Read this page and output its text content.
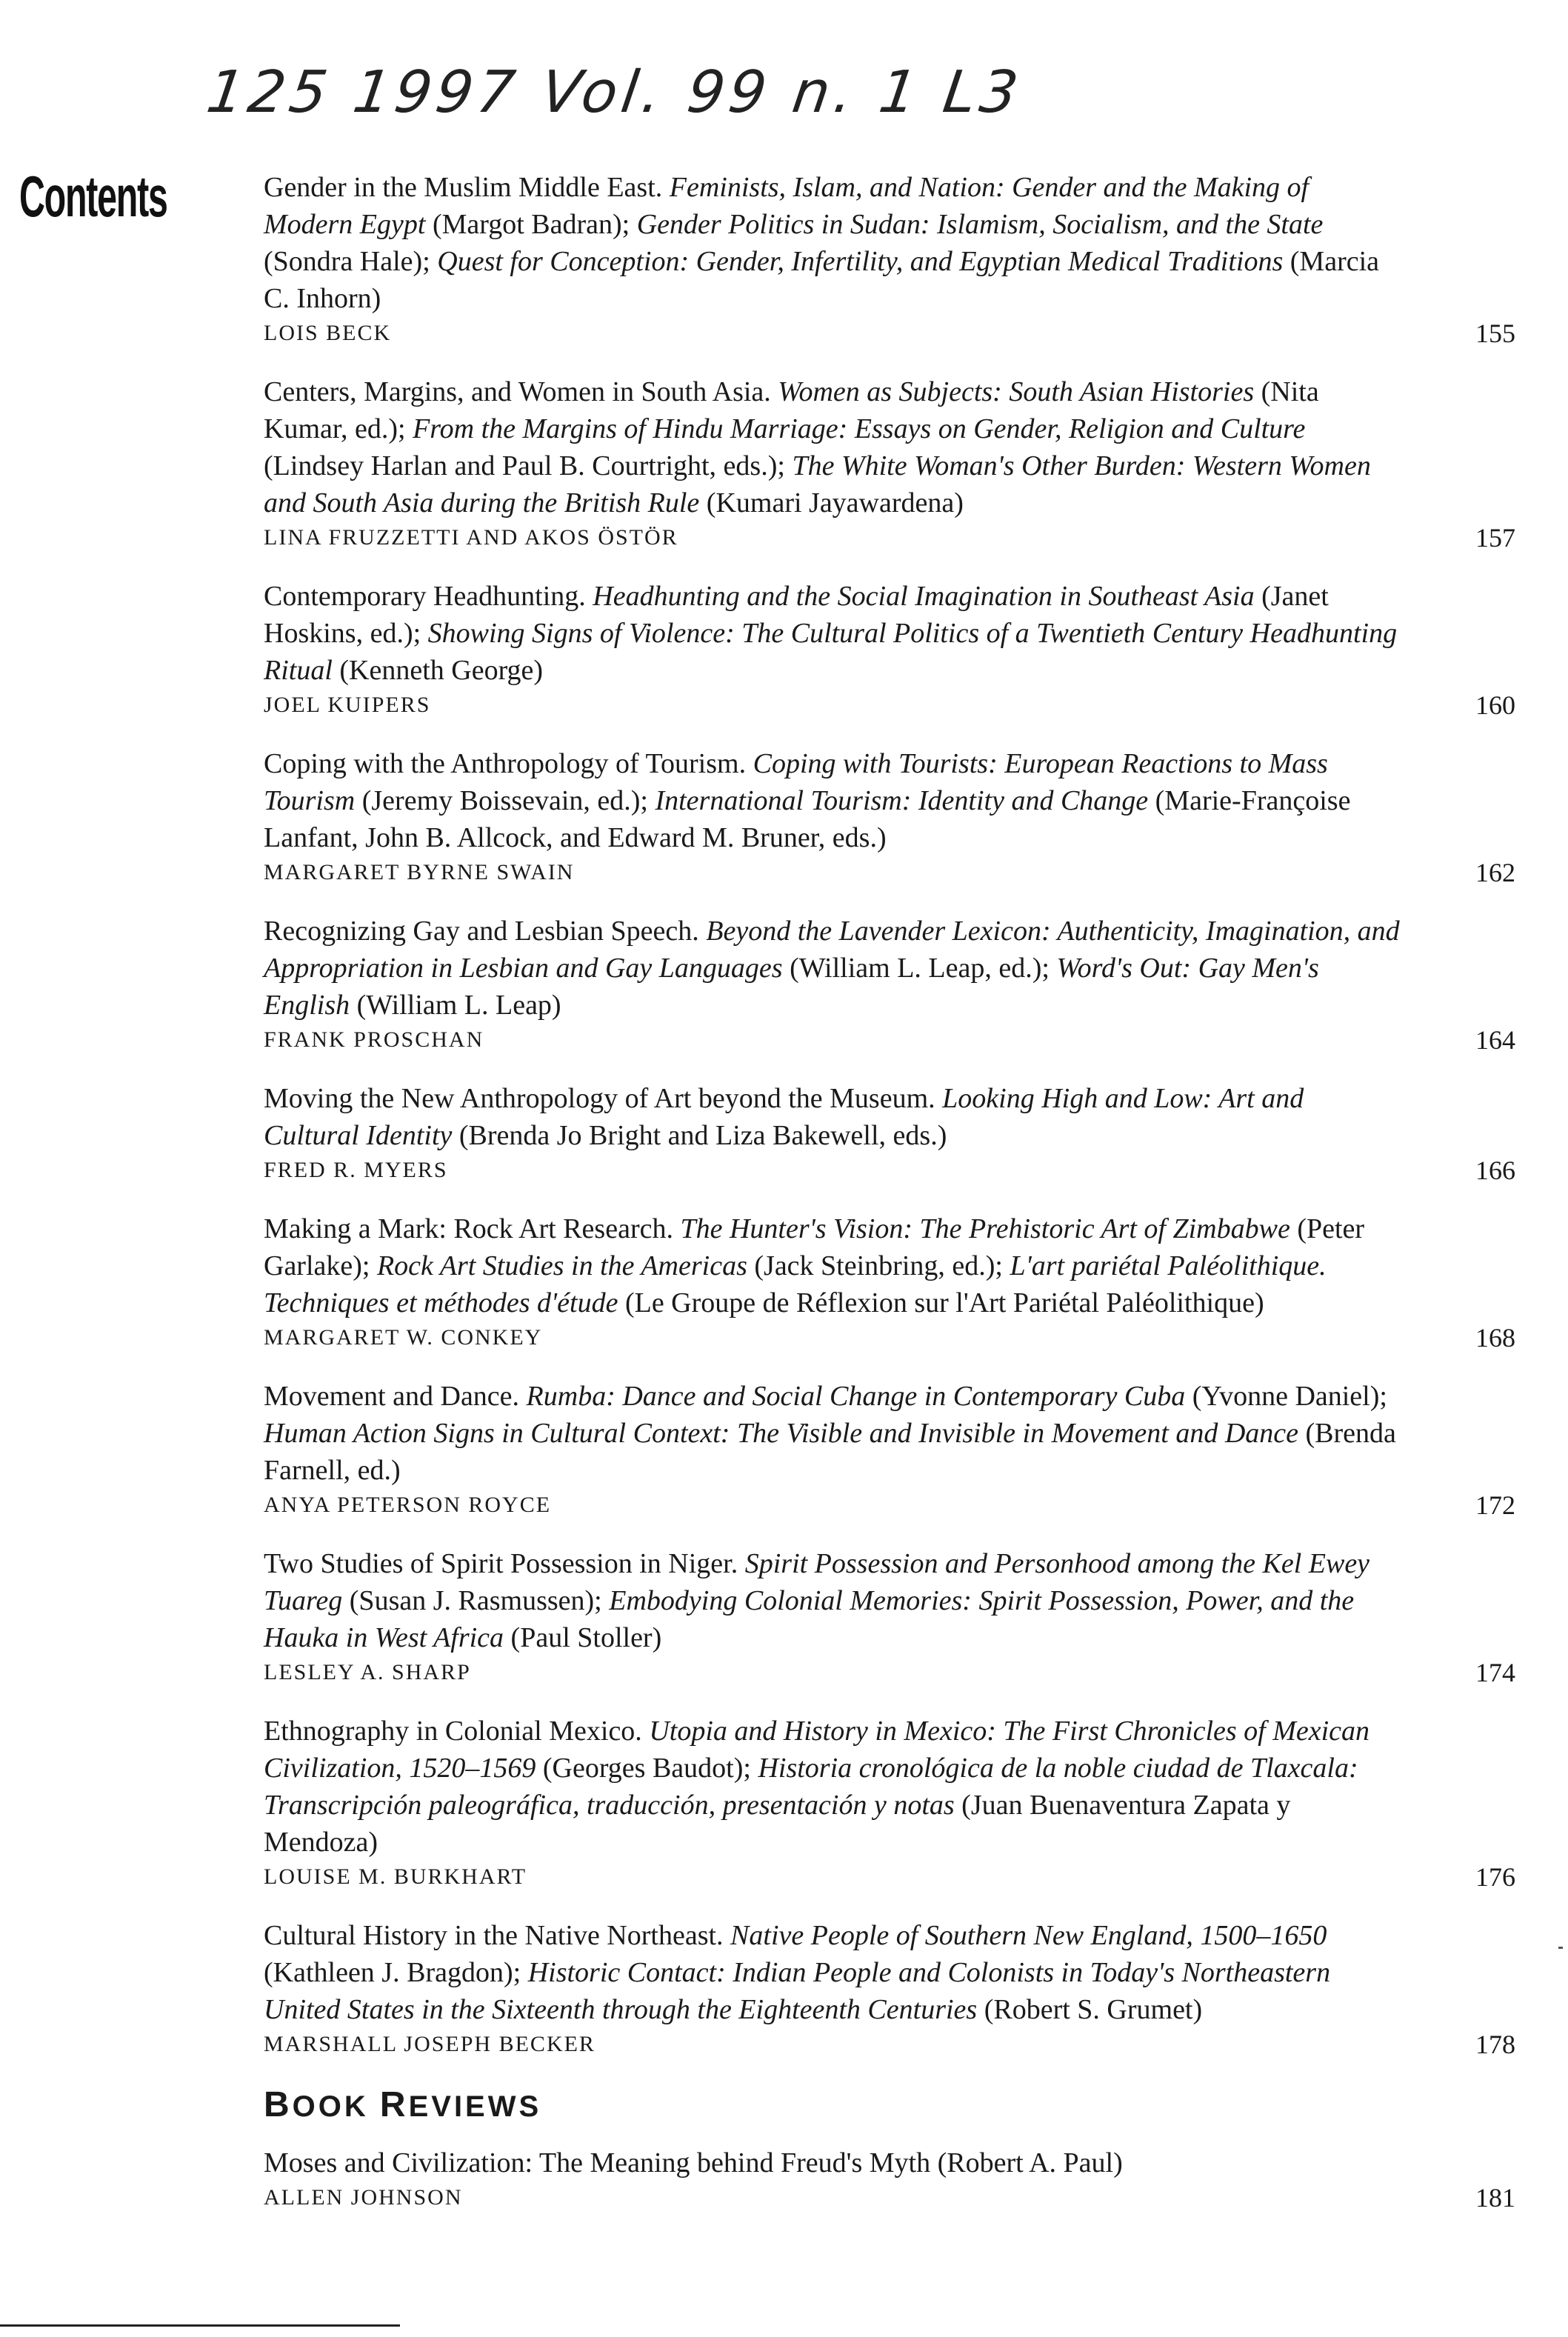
125 1997 Vol. 99 n. 1 L3
Contents	Gender in the Muslim Middle East. Feminists, Islam, and Nation: Gender and the Making of Modern Egypt (Margot Badran); Gender Politics in Sudan: Islamism, Socialism, and the State (Sondra Hale); Quest for Conception: Gender, Infertility, and Egyptian Medical Traditions (Marcia C. Inhorn)
LOIS BECK	155
Centers, Margins, and Women in South Asia. Women as Subjects: South Asian Histories (Nita Kumar, ed.); From the Margins of Hindu Marriage: Essays on Gender, Religion and Culture (Lindsey Harlan and Paul B. Courtright, eds.); The White Woman's Other Burden: Western Women and South Asia during the British Rule (Kumari Jayawardena)
LINA FRUZZETTI AND AKOS ÖSTÖR	157
Contemporary Headhunting. Headhunting and the Social Imagination in Southeast Asia (Janet Hoskins, ed.); Showing Signs of Violence: The Cultural Politics of a Twentieth Century Headhunting Ritual (Kenneth George)
JOEL KUIPERS	160
Coping with the Anthropology of Tourism. Coping with Tourists: European Reactions to Mass Tourism (Jeremy Boissevain, ed.); International Tourism: Identity and Change (Marie-Françoise Lanfant, John B. Allcock, and Edward M. Bruner, eds.)
MARGARET BYRNE SWAIN	162
Recognizing Gay and Lesbian Speech. Beyond the Lavender Lexicon: Authenticity, Imagination, and Appropriation in Lesbian and Gay Languages (William L. Leap, ed.); Word's Out: Gay Men's English (William L. Leap)
FRANK PROSCHAN	164
Moving the New Anthropology of Art beyond the Museum. Looking High and Low: Art and Cultural Identity (Brenda Jo Bright and Liza Bakewell, eds.)
FRED R. MYERS	166
Making a Mark: Rock Art Research. The Hunter's Vision: The Prehistoric Art of Zimbabwe (Peter Garlake); Rock Art Studies in the Americas (Jack Steinbring, ed.); L'art pariétal Paléolithique. Techniques et méthodes d'étude (Le Groupe de Réflexion sur l'Art Pariétal Paléolithique)
MARGARET W. CONKEY	168
Movement and Dance. Rumba: Dance and Social Change in Contemporary Cuba (Yvonne Daniel); Human Action Signs in Cultural Context: The Visible and Invisible in Movement and Dance (Brenda Farnell, ed.)
ANYA PETERSON ROYCE	172
Two Studies of Spirit Possession in Niger. Spirit Possession and Personhood among the Kel Ewey Tuareg (Susan J. Rasmussen); Embodying Colonial Memories: Spirit Possession, Power, and the Hauka in West Africa (Paul Stoller)
LESLEY A. SHARP	174
Ethnography in Colonial Mexico. Utopia and History in Mexico: The First Chronicles of Mexican Civilization, 1520–1569 (Georges Baudot); Historia cronológica de la noble ciudad de Tlaxcala: Transcripción paleográfica, traducción, presentación y notas (Juan Buenaventura Zapata y Mendoza)
LOUISE M. BURKHART	176
Cultural History in the Native Northeast. Native People of Southern New England, 1500–1650 (Kathleen J. Bragdon); Historic Contact: Indian People and Colonists in Today's Northeastern United States in the Sixteenth through the Eighteenth Centuries (Robert S. Grumet)
MARSHALL JOSEPH BECKER	178
BOOK REVIEWS
Moses and Civilization: The Meaning behind Freud's Myth (Robert A. Paul)
ALLEN JOHNSON	181
